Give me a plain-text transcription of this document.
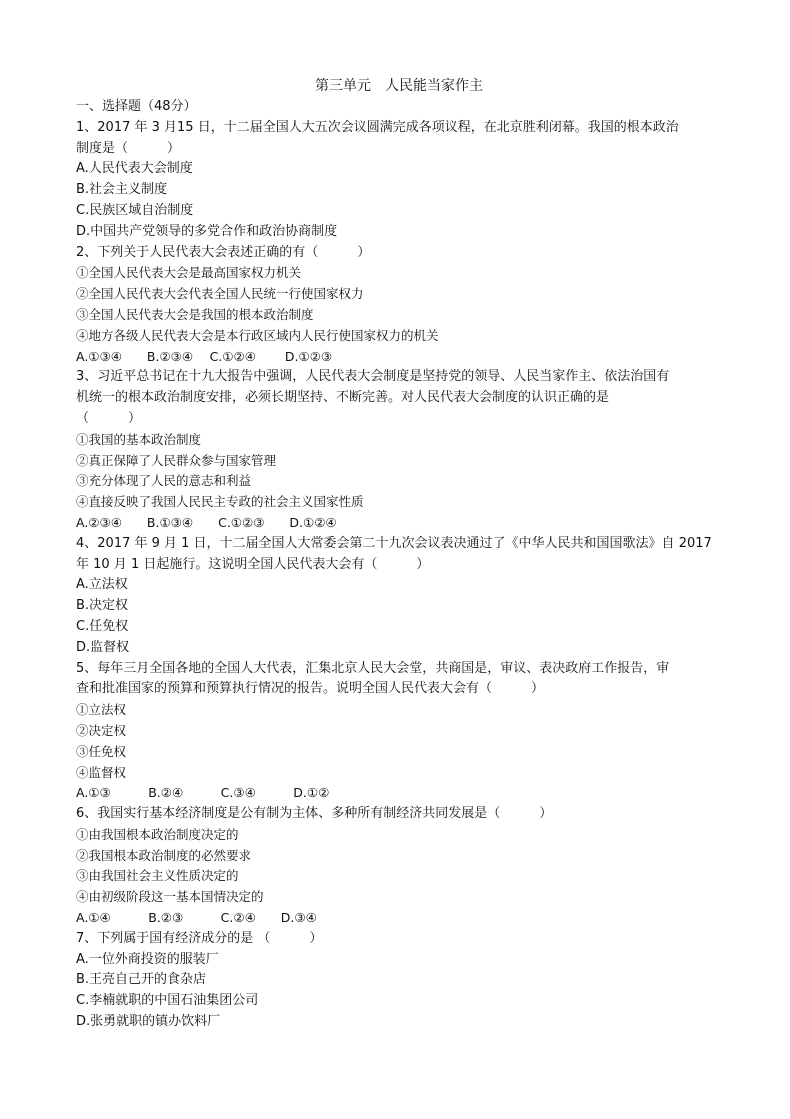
第三单元　人民能当家作主
一、选择题（48分）
1、2017 年 3 月15 日，十二届全国人大五次会议圆满完成各项议程，在北京胜利闭幕。我国的根本政治
制度是（　　　）
A.人民代表大会制度
B.社会主义制度
C.民族区域自治制度
D.中国共产党领导的多党合作和政治协商制度
2、下列关于人民代表大会表述正确的有（　　　）
①全国人民代表大会是最高国家权力机关
②全国人民代表大会代表全国人民统一行使国家权力
③全国人民代表大会是我国的根本政治制度
④地方各级人民代表大会是本行政区域内人民行使国家权力的机关
A.①③④　　B.②③④　 C.①②④　　 D.①②③
3、习近平总书记在十九大报告中强调，人民代表大会制度是坚持党的领导、人民当家作主、依法治国有
机统一的根本政治制度安排，必须长期坚持、不断完善。对人民代表大会制度的认识正确的是
（　　　）
①我国的基本政治制度
②真正保障了人民群众参与国家管理
③充分体现了人民的意志和利益
④直接反映了我国人民民主专政的社会主义国家性质
A.②③④　　B.①③④　　C.①②③　　D.①②④
4、2017 年 9 月 1 日，十二届全国人大常委会第二十九次会议表决通过了《中华人民共和国国歌法》自 2017
年 10 月 1 日起施行。这说明全国人民代表大会有（　　　）
A.立法权
B.决定权
C.任免权
D.监督权
5、每年三月全国各地的全国人大代表，汇集北京人民大会堂，共商国是，审议、表决政府工作报告，审
查和批准国家的预算和预算执行情况的报告。说明全国人民代表大会有（　　　）
①立法权
②决定权
③任免权
④监督权
A.①③　　　B.②④　　　C.③④　　　D.①②
6、我国实行基本经济制度是公有制为主体、多种所有制经济共同发展是（　　　）
①由我国根本政治制度决定的
②我国根本政治制度的必然要求
③由我国社会主义性质决定的
④由初级阶段这一基本国情决定的
A.①④　　　B.②③　　　C.②④　　D.③④
7、下列属于国有经济成分的是 （　　　）
A.一位外商投资的服装厂
B.王亮自己开的食杂店
C.李楠就职的中国石油集团公司
D.张勇就职的镇办饮料厂
